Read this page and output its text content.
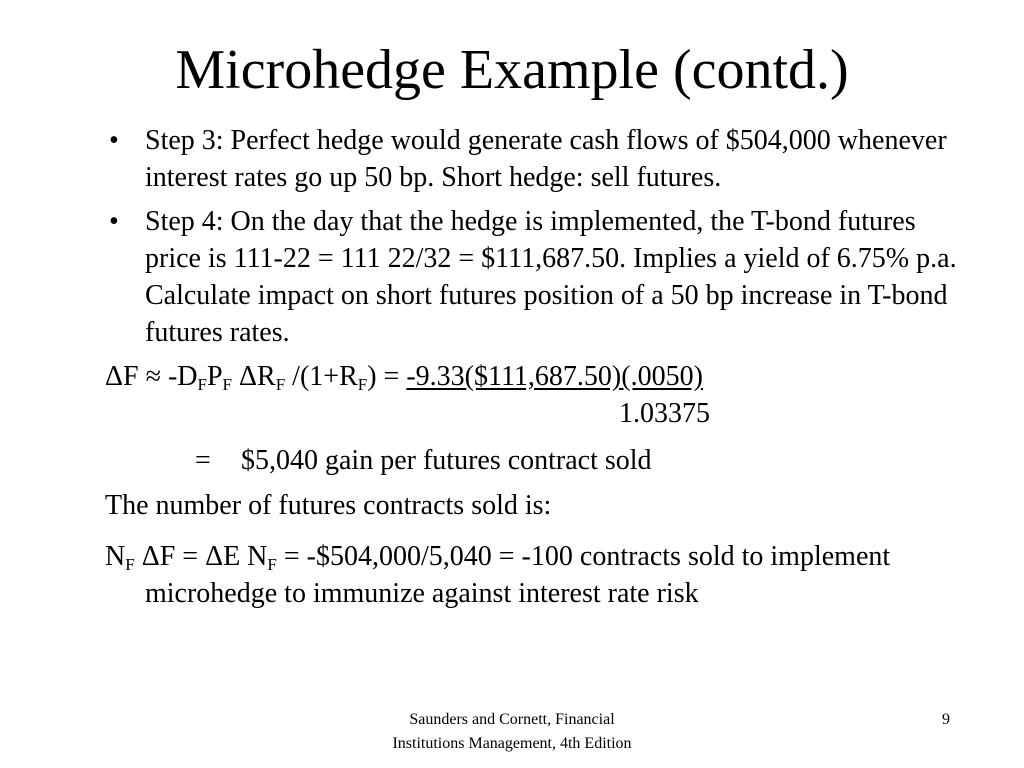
Microhedge Example (contd.)
• Step 3: Perfect hedge would generate cash flows of $504,000 whenever interest rates go up 50 bp. Short hedge: sell futures.
• Step 4: On the day that the hedge is implemented, the T-bond futures price is 111-22 = 111 22/32 = $111,687.50. Implies a yield of 6.75% p.a. Calculate impact on short futures position of a 50 bp increase in T-bond futures rates.
$\Delta F \approx -D_FP_F$ $\Delta R_F$ $/(1+R_F)$ = -9.33($111,687.50)(.0050)
1.03375
= $5,040 gain per futures contract sold
The number of futures contracts sold is:
$N_F$ ΔF = ΔE $N_F$ = -$504,000/5,040 = -100 contracts sold to implement microhedge to immunize against interest rate risk
Saunders and Cornett, Financial
Institutions Management, 4th Edition
9
